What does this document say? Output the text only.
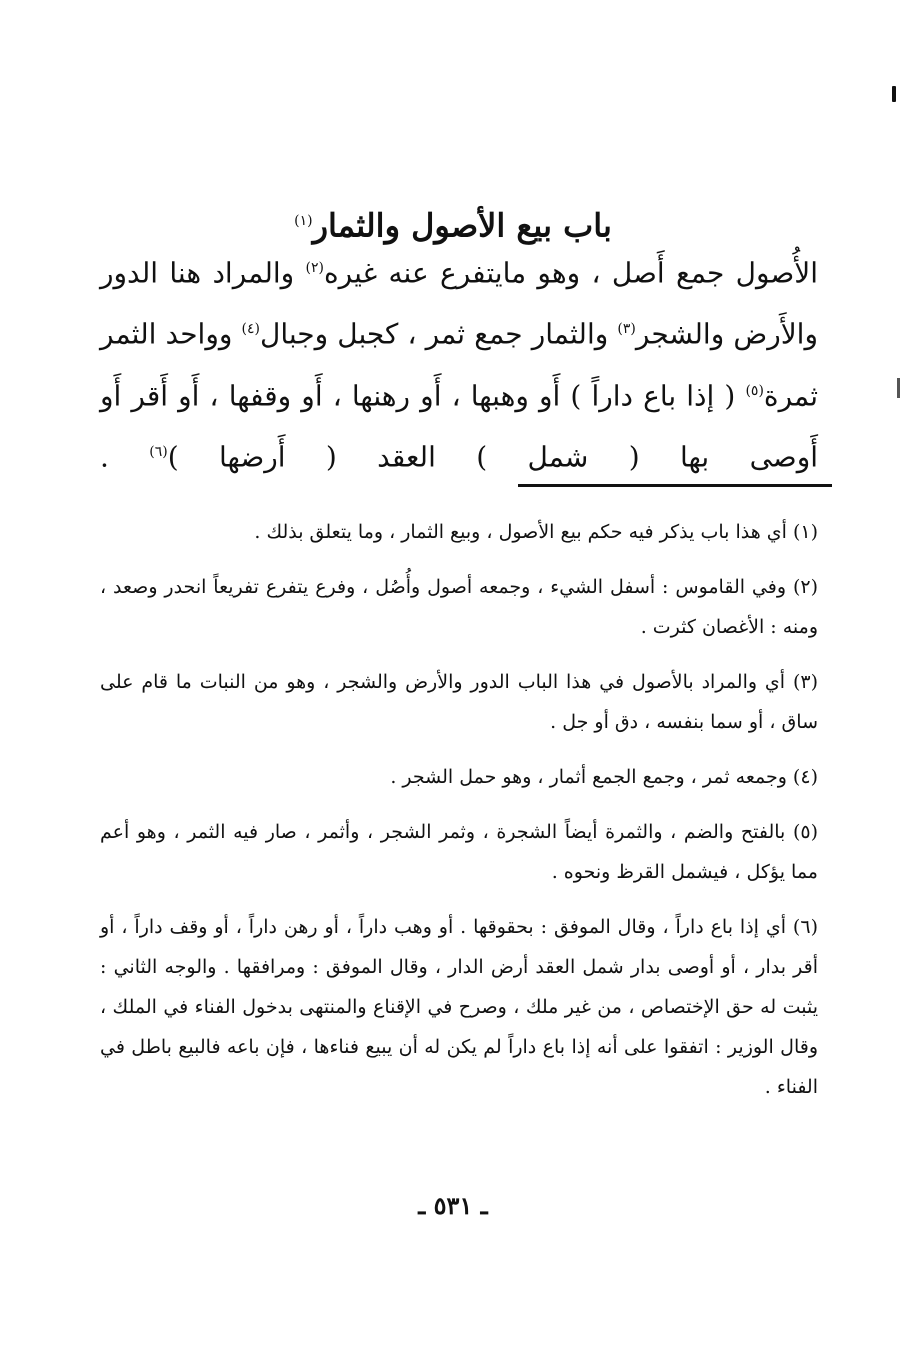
باب بيع الأصول والثمار$^{(١)}$

الأُصول جمع أَصل ، وهو مايتفرع عنه غيره$^{(٢)}$ والمراد هنا الدور والأَرض والشجر$^{(٣)}$ والثمار جمع ثمر ، كجبل وجبال$^{(٤)}$ وواحد الثمر ثمرة$^{(٥)}$ ( إذا باع داراً ) أَو وهبها ، أَو رهنها ، أَو وقفها ، أَو أَقر أَو أَوصى بها ( شمل ) العقد ( أَرضها )$^{(٦)}$ .

(١) أي هذا باب يذكر فيه حكم بيع الأصول ، وبيع الثمار ، وما يتعلق بذلك .

(٢) وفي القاموس : أسفل الشيء ، وجمعه أصول وأُصُل ، وفرع يتفرع تفريعاً انحدر وصعد ، ومنه : الأغصان كثرت .

(٣) أي والمراد بالأصول في هذا الباب الدور والأرض والشجر ، وهو من النبات ما قام على ساق ، أو سما بنفسه ، دق أو جل .

(٤) وجمعه ثمر ، وجمع الجمع أثمار ، وهو حمل الشجر .

(٥) بالفتح والضم ، والثمرة أيضاً الشجرة ، وثمر الشجر ، وأثمر ، صار فيه الثمر ، وهو أعم مما يؤكل ، فيشمل القرظ ونحوه .

(٦) أي إذا باع داراً ، وقال الموفق : بحقوقها . أو وهب داراً ، أو رهن داراً ، أو وقف داراً ، أو أقر بدار ، أو أوصى بدار شمل العقد أرض الدار ، وقال الموفق : ومرافقها . والوجه الثاني : يثبت له حق الإختصاص ، من غير ملك ، وصرح في الإقناع والمنتهى بدخول الفناء في الملك ، وقال الوزير : اتفقوا على أنه إذا باع داراً لم يكن له أن يبيع فناءها ، فإن باعه فالبيع باطل في الفناء .

ـ ٥٣١ ـ
